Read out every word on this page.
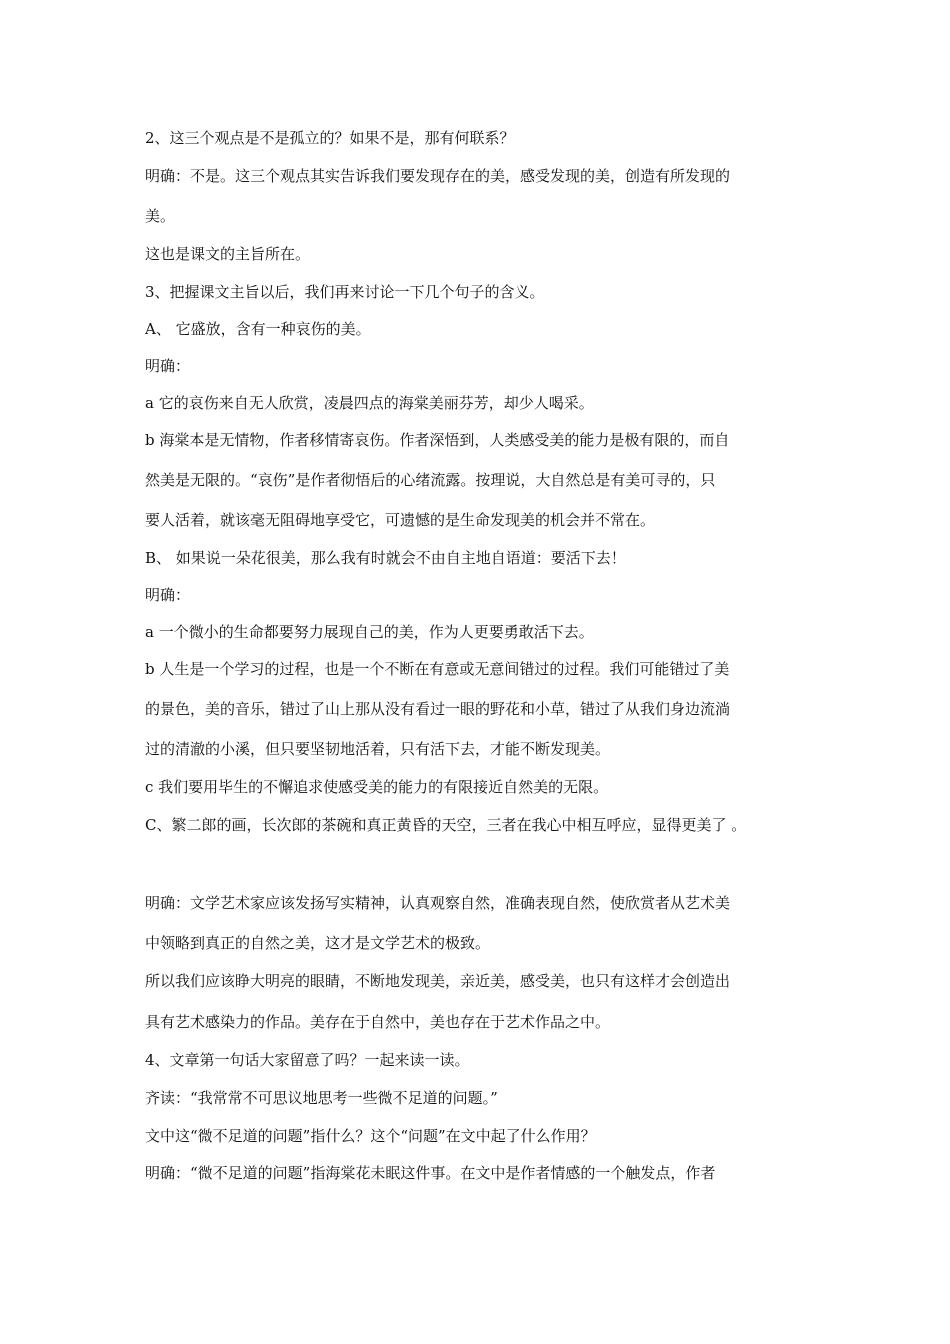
2、这三个观点是不是孤立的？如果不是，那有何联系？
明确：不是。这三个观点其实告诉我们要发现存在的美，感受发现的美，创造有所发现的
美。
这也是课文的主旨所在。
3、把握课文主旨以后，我们再来讨论一下几个句子的含义。
A、 它盛放，含有一种哀伤的美。
明确：
a 它的哀伤来自无人欣赏，凌晨四点的海棠美丽芬芳，却少人喝采。
b 海棠本是无情物，作者移情寄哀伤。作者深悟到，人类感受美的能力是极有限的，而自
然美是无限的。“哀伤”是作者彻悟后的心绪流露。按理说，大自然总是有美可寻的，只
要人活着，就该毫无阻碍地享受它，可遗憾的是生命发现美的机会并不常在。
B、 如果说一朵花很美，那么我有时就会不由自主地自语道：要活下去！
明确：
a 一个微小的生命都要努力展现自己的美，作为人更要勇敢活下去。
b 人生是一个学习的过程，也是一个不断在有意或无意间错过的过程。我们可能错过了美
的景色，美的音乐，错过了山上那从没有看过一眼的野花和小草，错过了从我们身边流淌
过的清澈的小溪，但只要坚韧地活着，只有活下去，才能不断发现美。
c 我们要用毕生的不懈追求使感受美的能力的有限接近自然美的无限。
C、繁二郎的画，长次郎的茶碗和真正黄昏的天空，三者在我心中相互呼应，显得更美了 。
明确：文学艺术家应该发扬写实精神，认真观察自然，准确表现自然，使欣赏者从艺术美
中领略到真正的自然之美，这才是文学艺术的极致。
所以我们应该睁大明亮的眼睛，不断地发现美，亲近美，感受美，也只有这样才会创造出
具有艺术感染力的作品。美存在于自然中，美也存在于艺术作品之中。
4、文章第一句话大家留意了吗？一起来读一读。
齐读：“我常常不可思议地思考一些微不足道的问题。”
文中这“微不足道的问题”指什么？这个“问题”在文中起了什么作用？
明确：“微不足道的问题”指海棠花未眠这件事。在文中是作者情感的一个触发点，作者
